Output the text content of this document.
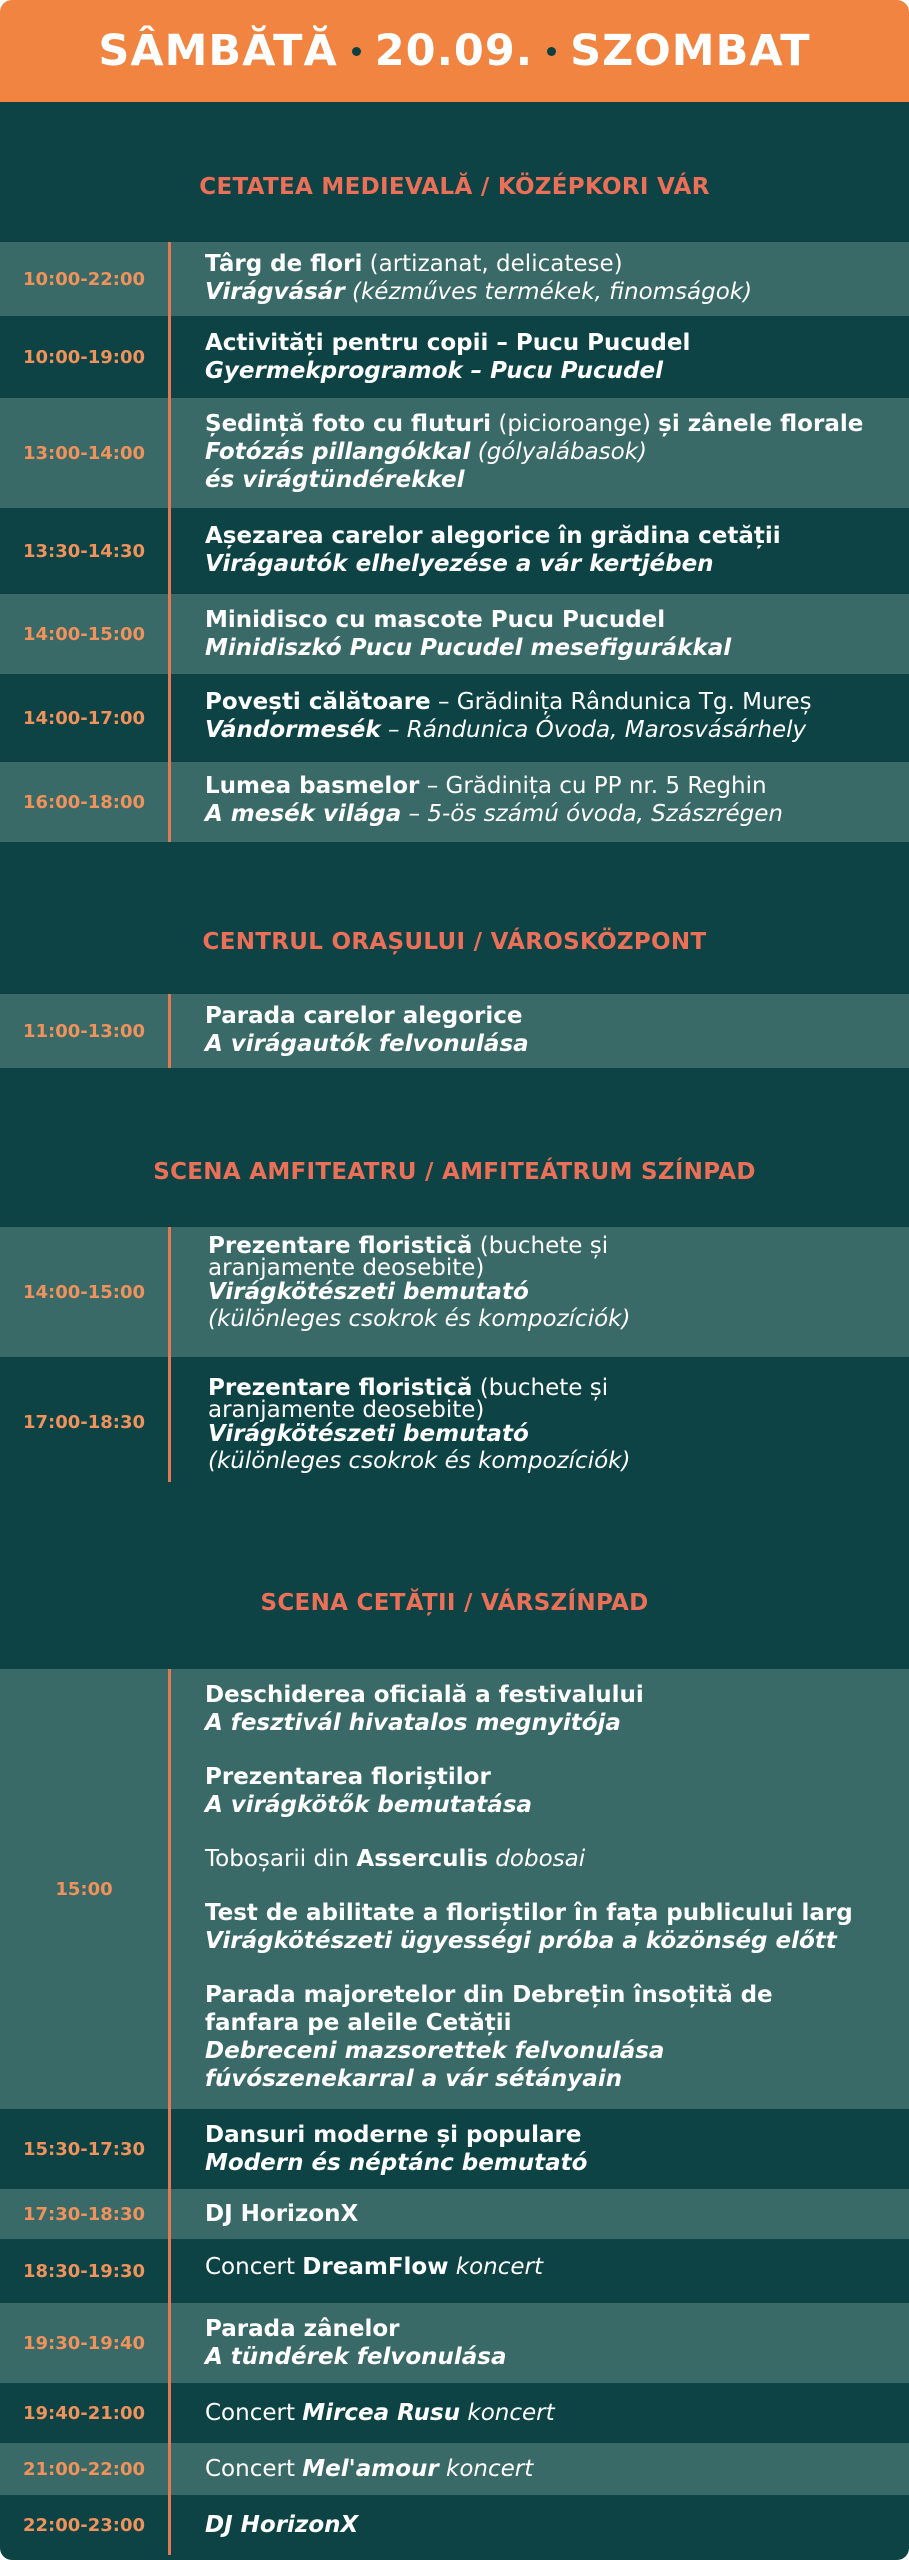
SÂMBĂTĂ 20.09. SZOMBAT
CETATEA MEDIEVALĂ / KÖZÉPKORI VÁR
10:00-22:00
Târg de flori (artizanat, delicatese)
Virágvásár (kézműves termékek, finomságok)
10:00-19:00
Activități pentru copii – Pucu Pucudel
Gyermekprogramok – Pucu Pucudel
13:00-14:00
Ședință foto cu fluturi (picioroange) și zânele florale
Fotózás pillangókkal (gólyalábasok)
és virágtündérekkel
13:30-14:30
Așezarea carelor alegorice în grădina cetății
Virágautók elhelyezése a vár kertjében
14:00-15:00
Minidisco cu mascote Pucu Pucudel
Minidiszkó Pucu Pucudel mesefigurákkal
14:00-17:00
Povești călătoare – Grădinița Rândunica Tg. Mureș
Vándormesék – Rándunica Óvoda, Marosvásárhely
16:00-18:00
Lumea basmelor – Grădinița cu PP nr. 5 Reghin
A mesék világa – 5-ös számú óvoda, Szászrégen
CENTRUL ORAȘULUI / VÁROSKÖZPONT
11:00-13:00
Parada carelor alegorice
A virágautók felvonulása
SCENA AMFITEATRU / AMFITEÁTRUM SZÍNPAD
14:00-15:00
Prezentare floristică (buchete și
aranjamente deosebite)
Virágkötészeti bemutató
(különleges csokrok és kompozíciók)
17:00-18:30
Prezentare floristică (buchete și
aranjamente deosebite)
Virágkötészeti bemutató
(különleges csokrok és kompozíciók)
SCENA CETĂȚII / VÁRSZÍNPAD
15:00
Deschiderea oficială a festivalului
A fesztivál hivatalos megnyitója
Prezentarea floriștilor
A virágkötők bemutatása
Toboșarii din Asserculis dobosai
Test de abilitate a floriștilor în fața publicului larg
Virágkötészeti ügyességi próba a közönség előtt
Parada majoretelor din Debrețin însoțită de
fanfara pe aleile Cetății
Debreceni mazsorettek felvonulása
fúvószenekarral a vár sétányain
15:30-17:30
Dansuri moderne și populare
Modern és néptánc bemutató
17:30-18:30	DJ HorizonX
18:30-19:30	Concert DreamFlow koncert
19:30-19:40
Parada zânelor
A tündérek felvonulása
19:40-21:00	Concert Mircea Rusu koncert
21:00-22:00	Concert Mel'amour koncert
22:00-23:00	DJ HorizonX
